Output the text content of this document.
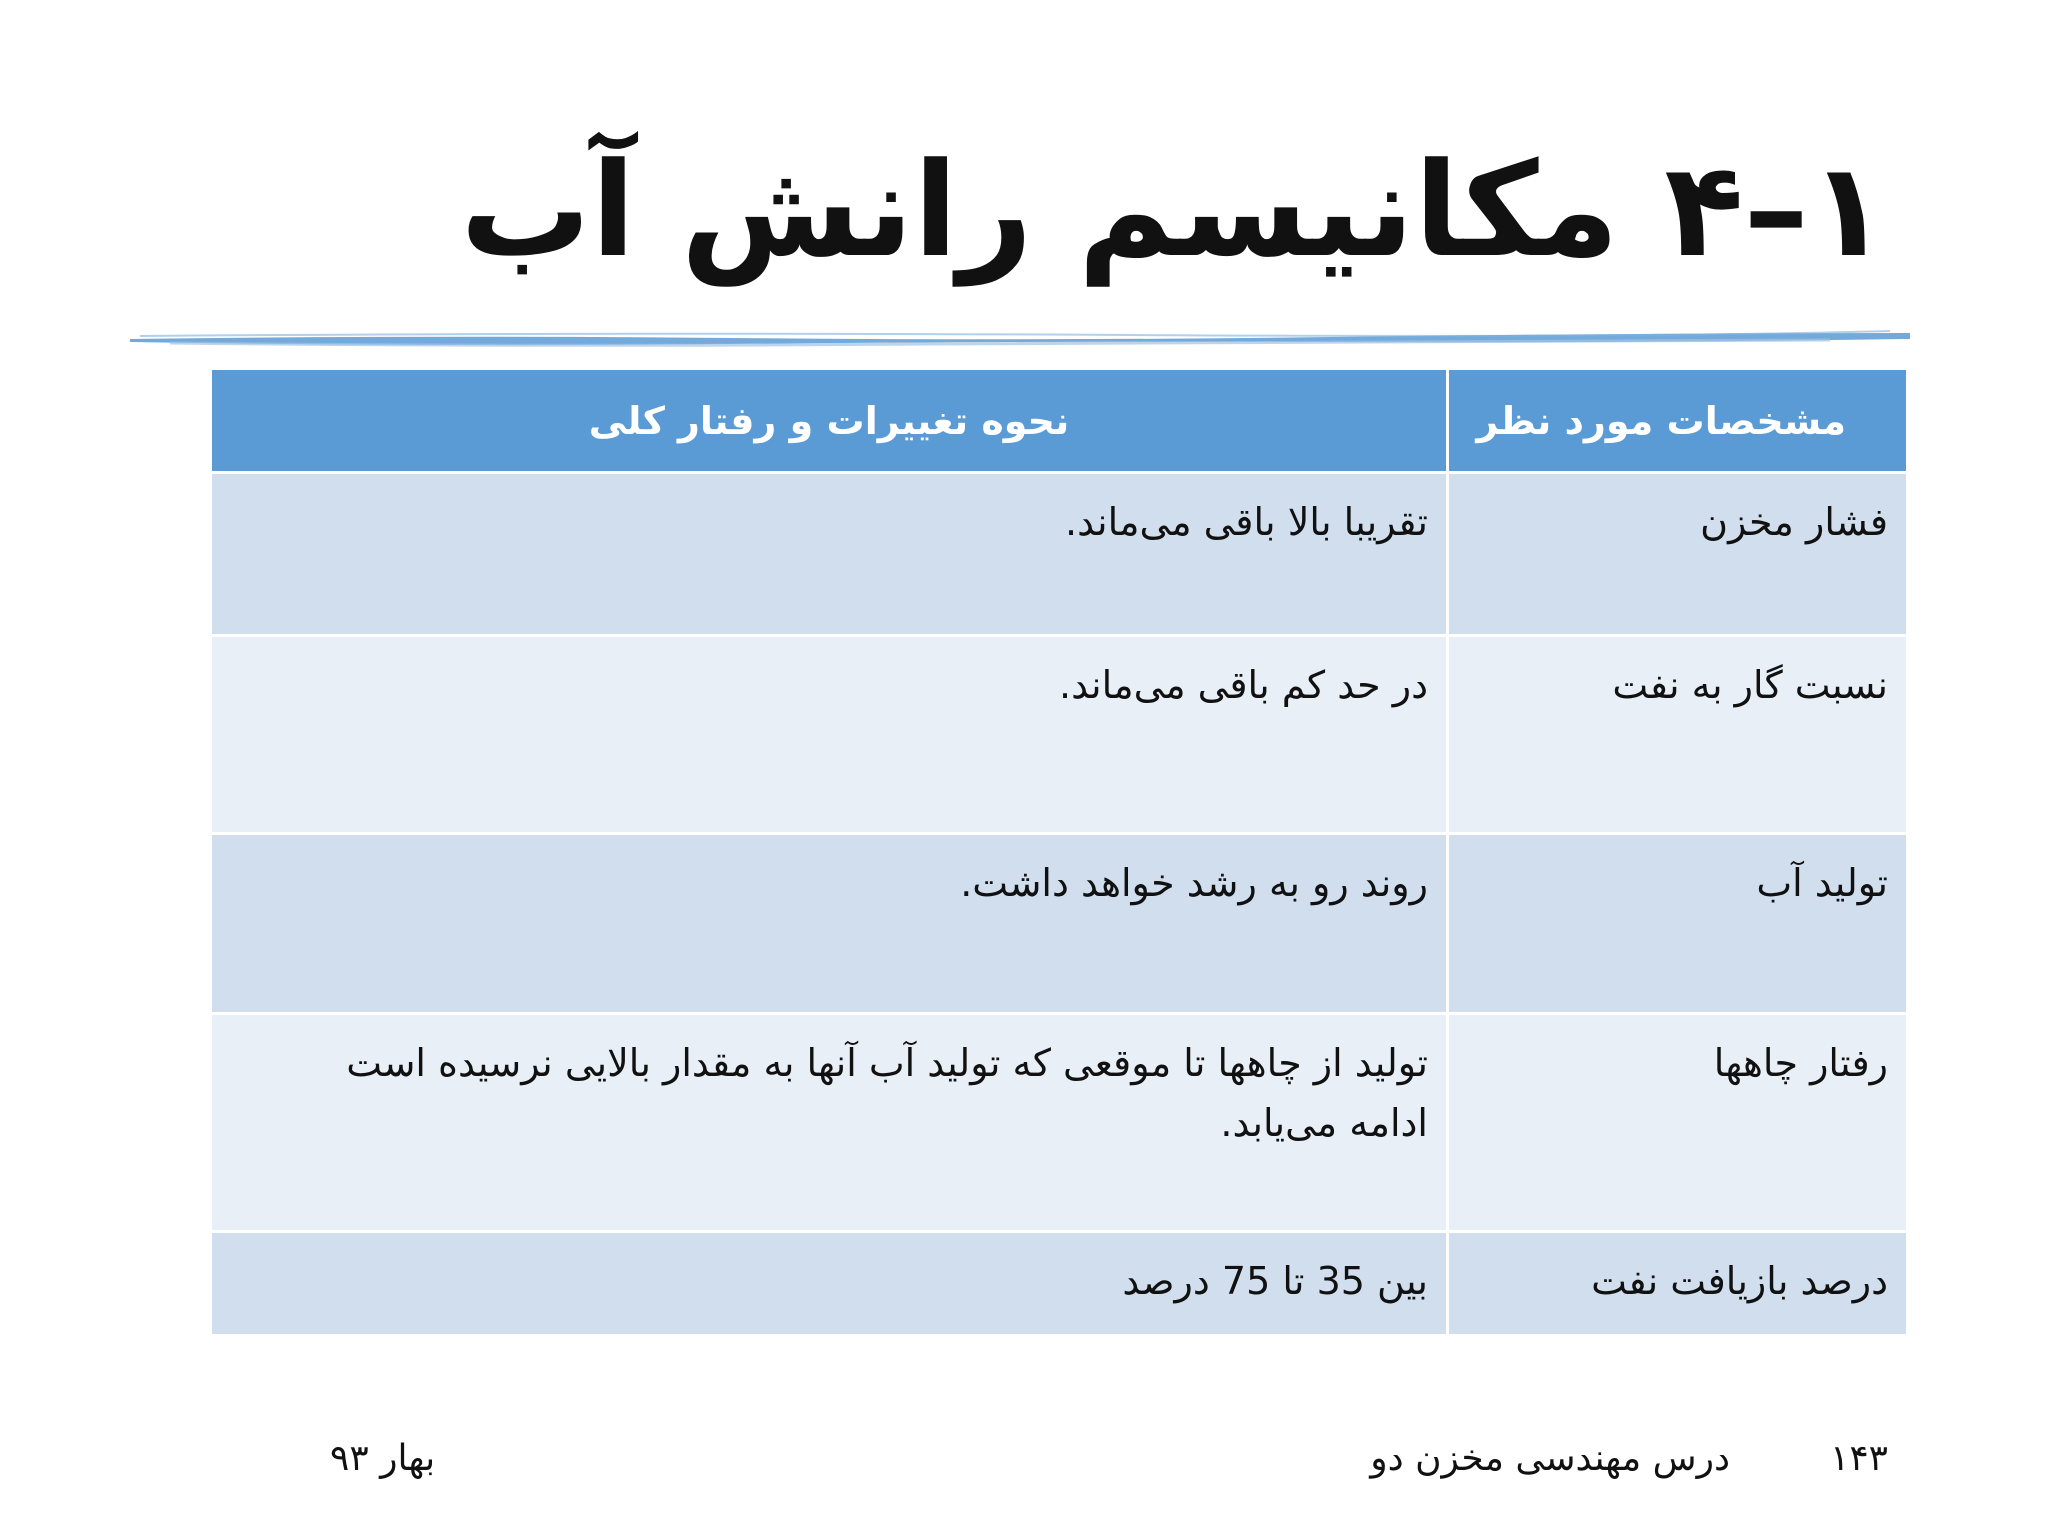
۱–۴ مکانیسم رانش آب
مشخصات مورد نظر	نحوه تغییرات و رفتار کلی
فشار مخزن	تقریبا بالا باقی می‌ماند.
نسبت گار به نفت	در حد کم باقی می‌ماند.
تولید آب	روند رو به رشد خواهد داشت.
رفتار چاهها	تولید از چاهها تا موقعی که تولید آب آنها به مقدار بالایی نرسیده است ادامه می‌یابد.
درصد بازیافت نفت	بین 35 تا 75 درصد
۱۴۳
درس مهندسی مخزن دو
بهار ۹۳
